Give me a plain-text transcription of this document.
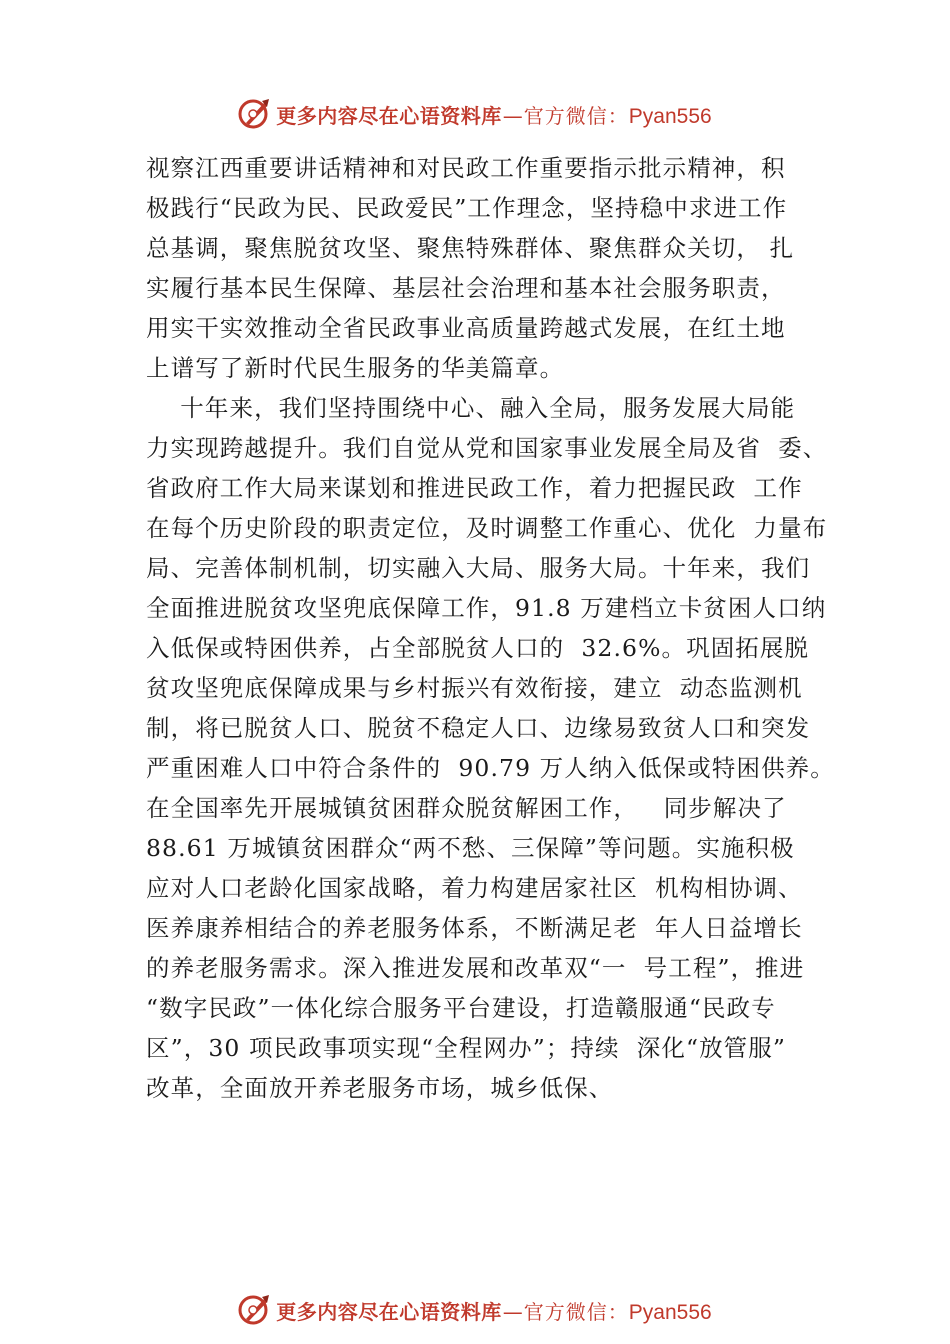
更多内容尽在心语资料库 — 官方微信： Pyan556
视察江西重要讲话精神和对民政工作重要指示批示精神，积
极践行“民政为民、民政爱民”工作理念，坚持稳中求进工作
总基调，聚焦脱贫攻坚、聚焦特殊群体、聚焦群众关切， 扎
实履行基本民生保障、基层社会治理和基本社会服务职责，
用实干实效推动全省民政事业高质量跨越式发展，在红土地
上谱写了新时代民生服务的华美篇章。
十年来，我们坚持围绕中心、融入全局，服务发展大局能
力实现跨越提升。我们自觉从党和国家事业发展全局及省  委、
省政府工作大局来谋划和推进民政工作，着力把握民政  工作
在每个历史阶段的职责定位，及时调整工作重心、优化  力量布
局、完善体制机制，切实融入大局、服务大局。十年来，我们
全面推进脱贫攻坚兜底保障工作，91.8 万建档立卡贫困人口纳
入低保或特困供养，占全部脱贫人口的  32.6%。巩固拓展脱
贫攻坚兜底保障成果与乡村振兴有效衔接，建立  动态监测机
制，将已脱贫人口、脱贫不稳定人口、边缘易致贫人口和突发
严重困难人口中符合条件的  90.79 万人纳入低保或特困供养。
在全国率先开展城镇贫困群众脱贫解困工作，   同步解决了
88.61 万城镇贫困群众“两不愁、三保障”等问题。实施积极
应对人口老龄化国家战略，着力构建居家社区  机构相协调、
医养康养相结合的养老服务体系，不断满足老  年人日益增长
的养老服务需求。深入推进发展和改革双“一  号工程”，推进
“数字民政”一体化综合服务平台建设，打造赣服通“民政专
区”，30 项民政事项实现“全程网办”；持续  深化“放管服”
改革，全面放开养老服务市场，城乡低保、
更多内容尽在心语资料库 — 官方微信： Pyan556
